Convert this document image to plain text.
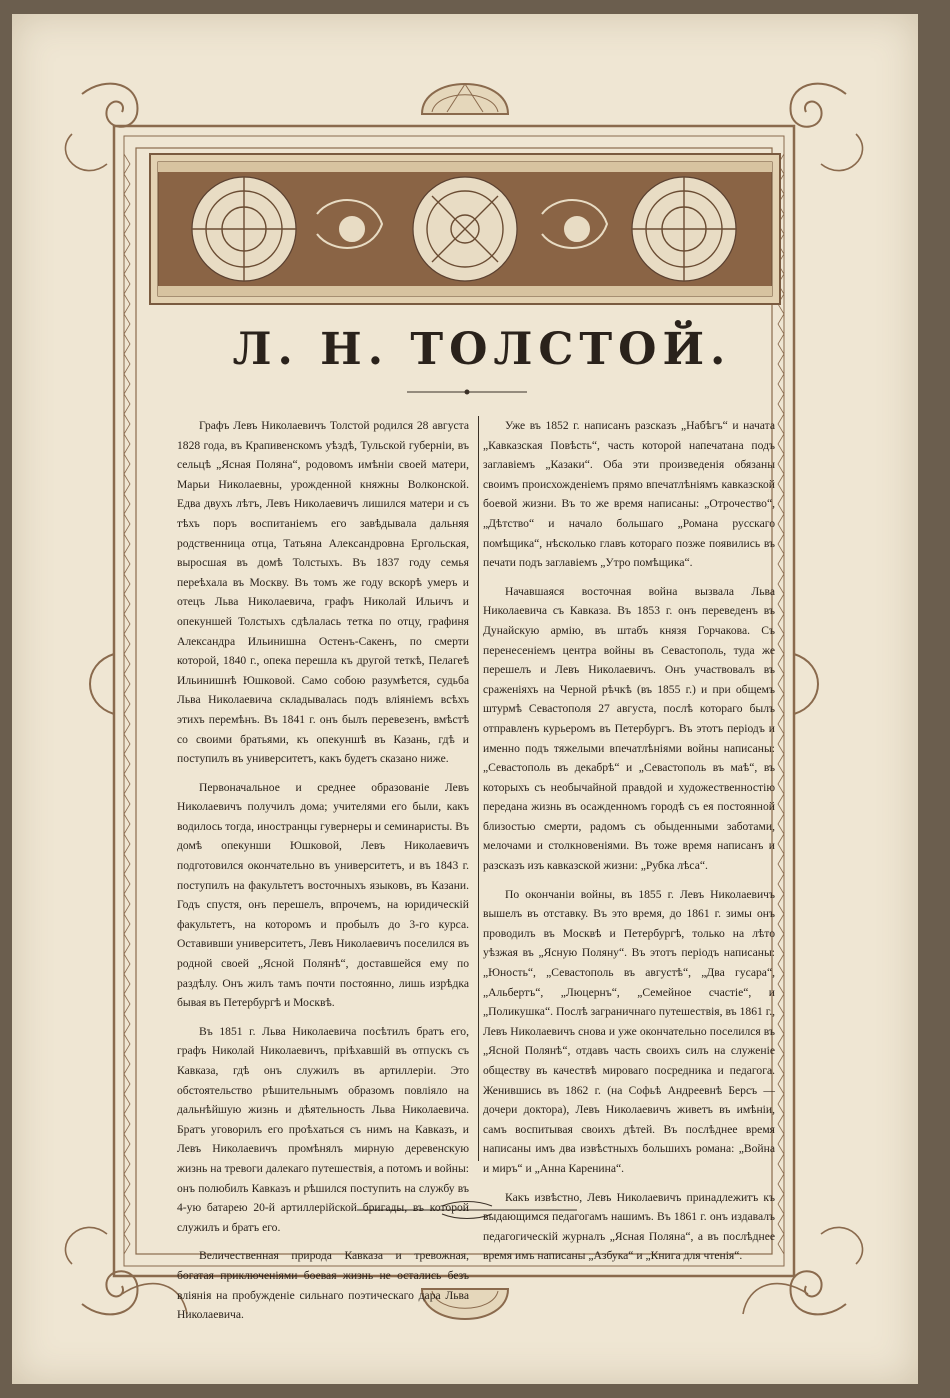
Л. Н. ТОЛСТОЙ.

Графъ Левъ Николаевичъ Толстой родился 28 августа 1828 года, въ Крапивенскомъ уѣздѣ, Тульской губерніи, въ сельцѣ „Ясная Поляна“, родовомъ имѣніи своей матери, Марьи Николаевны, урожденной княжны Волконской. Едва двухъ лѣтъ, Левъ Николаевичъ лишился матери и съ тѣхъ поръ воспитаніемъ его завѣдывала дальняя родственница отца, Татьяна Александровна Ергольская, выросшая въ домѣ Толстыхъ. Въ 1837 году семья переѣхала въ Москву. Въ томъ же году вскорѣ умеръ и отецъ Льва Николаевича, графъ Николай Ильичъ и опекуншей Толстыхъ сдѣлалась тетка по отцу, графиня Александра Ильинишна Остенъ-Сакенъ, по смерти которой, 1840 г., опека перешла къ другой теткѣ, Пелагеѣ Ильинишнѣ Юшковой. Само собою разумѣется, судьба Льва Николаевича складывалась подъ вліяніемъ всѣхъ этихъ перемѣнъ. Въ 1841 г. онъ былъ перевезенъ, вмѣстѣ со своими братьями, къ опекуншѣ въ Казань, гдѣ и поступилъ въ университетъ, какъ будетъ сказано ниже.

Первоначальное и среднее образованіе Левъ Николаевичъ получилъ дома; учителями его были, какъ водилось тогда, иностранцы гувернеры и семинаристы. Въ домѣ опекунши Юшковой, Левъ Николаевичъ подготовился окончательно въ университетъ, и въ 1843 г. поступилъ на факультетъ восточныхъ языковъ, въ Казани. Годъ спустя, онъ перешелъ, впрочемъ, на юридическій факультетъ, на которомъ и пробылъ до 3-го курса. Оставивши университетъ, Левъ Николаевичъ поселился въ родной своей „Ясной Полянѣ“, доставшейся ему по раздѣлу. Онъ жилъ тамъ почти постоянно, лишь изрѣдка бывая въ Петербургѣ и Москвѣ.

Въ 1851 г. Льва Николаевича посѣтилъ братъ его, графъ Николай Николаевичъ, пріѣхавшій въ отпускъ съ Кавказа, гдѣ онъ служилъ въ артиллеріи. Это обстоятельство рѣшительнымъ образомъ повліяло на дальнѣйшую жизнь и дѣятельность Льва Николаевича. Братъ уговорилъ его проѣхаться съ нимъ на Кавказъ, и Левъ Николаевичъ промѣнялъ мирную деревенскую жизнь на тревоги далекаго путешествія, а потомъ и войны: онъ полюбилъ Кавказъ и рѣшился поступить на службу въ 4-ую батарею 20-й артиллерійской бригады, въ которой служилъ и братъ его.

Величественная природа Кавказа и тревожная, богатая приключеніями боевая жизнь не остались безъ вліянія на пробужденіе сильнаго поэтическаго дара Льва Николаевича.

Уже въ 1852 г. написанъ разсказъ „Набѣгъ“ и начата „Кавказская Повѣсть“, часть которой напечатана подъ заглавіемъ „Казаки“. Оба эти произведенія обязаны своимъ происхожденіемъ прямо впечатлѣніямъ кавказской боевой жизни. Въ то же время написаны: „Отрочество“, „Дѣтство“ и начало большаго „Романа русскаго помѣщика“, нѣсколько главъ котораго позже появились въ печати подъ заглавіемъ „Утро помѣщика“.

Начавшаяся восточная война вызвала Льва Николаевича съ Кавказа. Въ 1853 г. онъ переведенъ въ Дунайскую армію, въ штабъ князя Горчакова. Съ перенесеніемъ центра войны въ Севастополь, туда же перешелъ и Левъ Николаевичъ. Онъ участвовалъ въ сраженіяхъ на Черной рѣчкѣ (въ 1855 г.) и при общемъ штурмѣ Севастополя 27 августа, послѣ котораго былъ отправленъ курьеромъ въ Петербургъ. Въ этотъ періодъ и именно подъ тяжелыми впечатлѣніями войны написаны: „Севастополь въ декабрѣ“ и „Севастополь въ маѣ“, въ которыхъ съ необычайной правдой и художественностію передана жизнь въ осажденномъ городѣ съ ея постоянной близостью смерти, радомъ съ обыденными заботами, мелочами и столкновеніями. Въ тоже время написанъ и разсказъ изъ кавказской жизни: „Рубка лѣса“.

По окончаніи войны, въ 1855 г. Левъ Николаевичъ вышелъ въ отставку. Въ это время, до 1861 г. зимы онъ проводилъ въ Москвѣ и Петербургѣ, только на лѣто уѣзжая въ „Ясную Поляну“. Въ этотъ періодъ написаны: „Юность“, „Севастополь въ августѣ“, „Два гусара“, „Альбертъ“, „Люцернъ“, „Семейное счастіе“, и „Поликушка“. Послѣ заграничнаго путешествія, въ 1861 г., Левъ Николаевичъ снова и уже окончательно поселился въ „Ясной Полянѣ“, отдавъ часть своихъ силъ на служеніе обществу въ качествѣ мироваго посредника и педагога. Женившись въ 1862 г. (на Софьѣ Андреевнѣ Берсъ — дочери доктора), Левъ Николаевичъ живетъ въ имѣніи, самъ воспитывая своихъ дѣтей. Въ послѣднее время написаны имъ два извѣстныхъ большихъ романа: „Война и миръ“ и „Анна Каренина“.

Какъ извѣстно, Левъ Николаевичъ принадлежитъ къ выдающимся педагогамъ нашимъ. Въ 1861 г. онъ издавалъ педагогическій журналъ „Ясная Поляна“, а въ послѣднее время имъ написаны „Азбука“ и „Книга для чтенія“.
